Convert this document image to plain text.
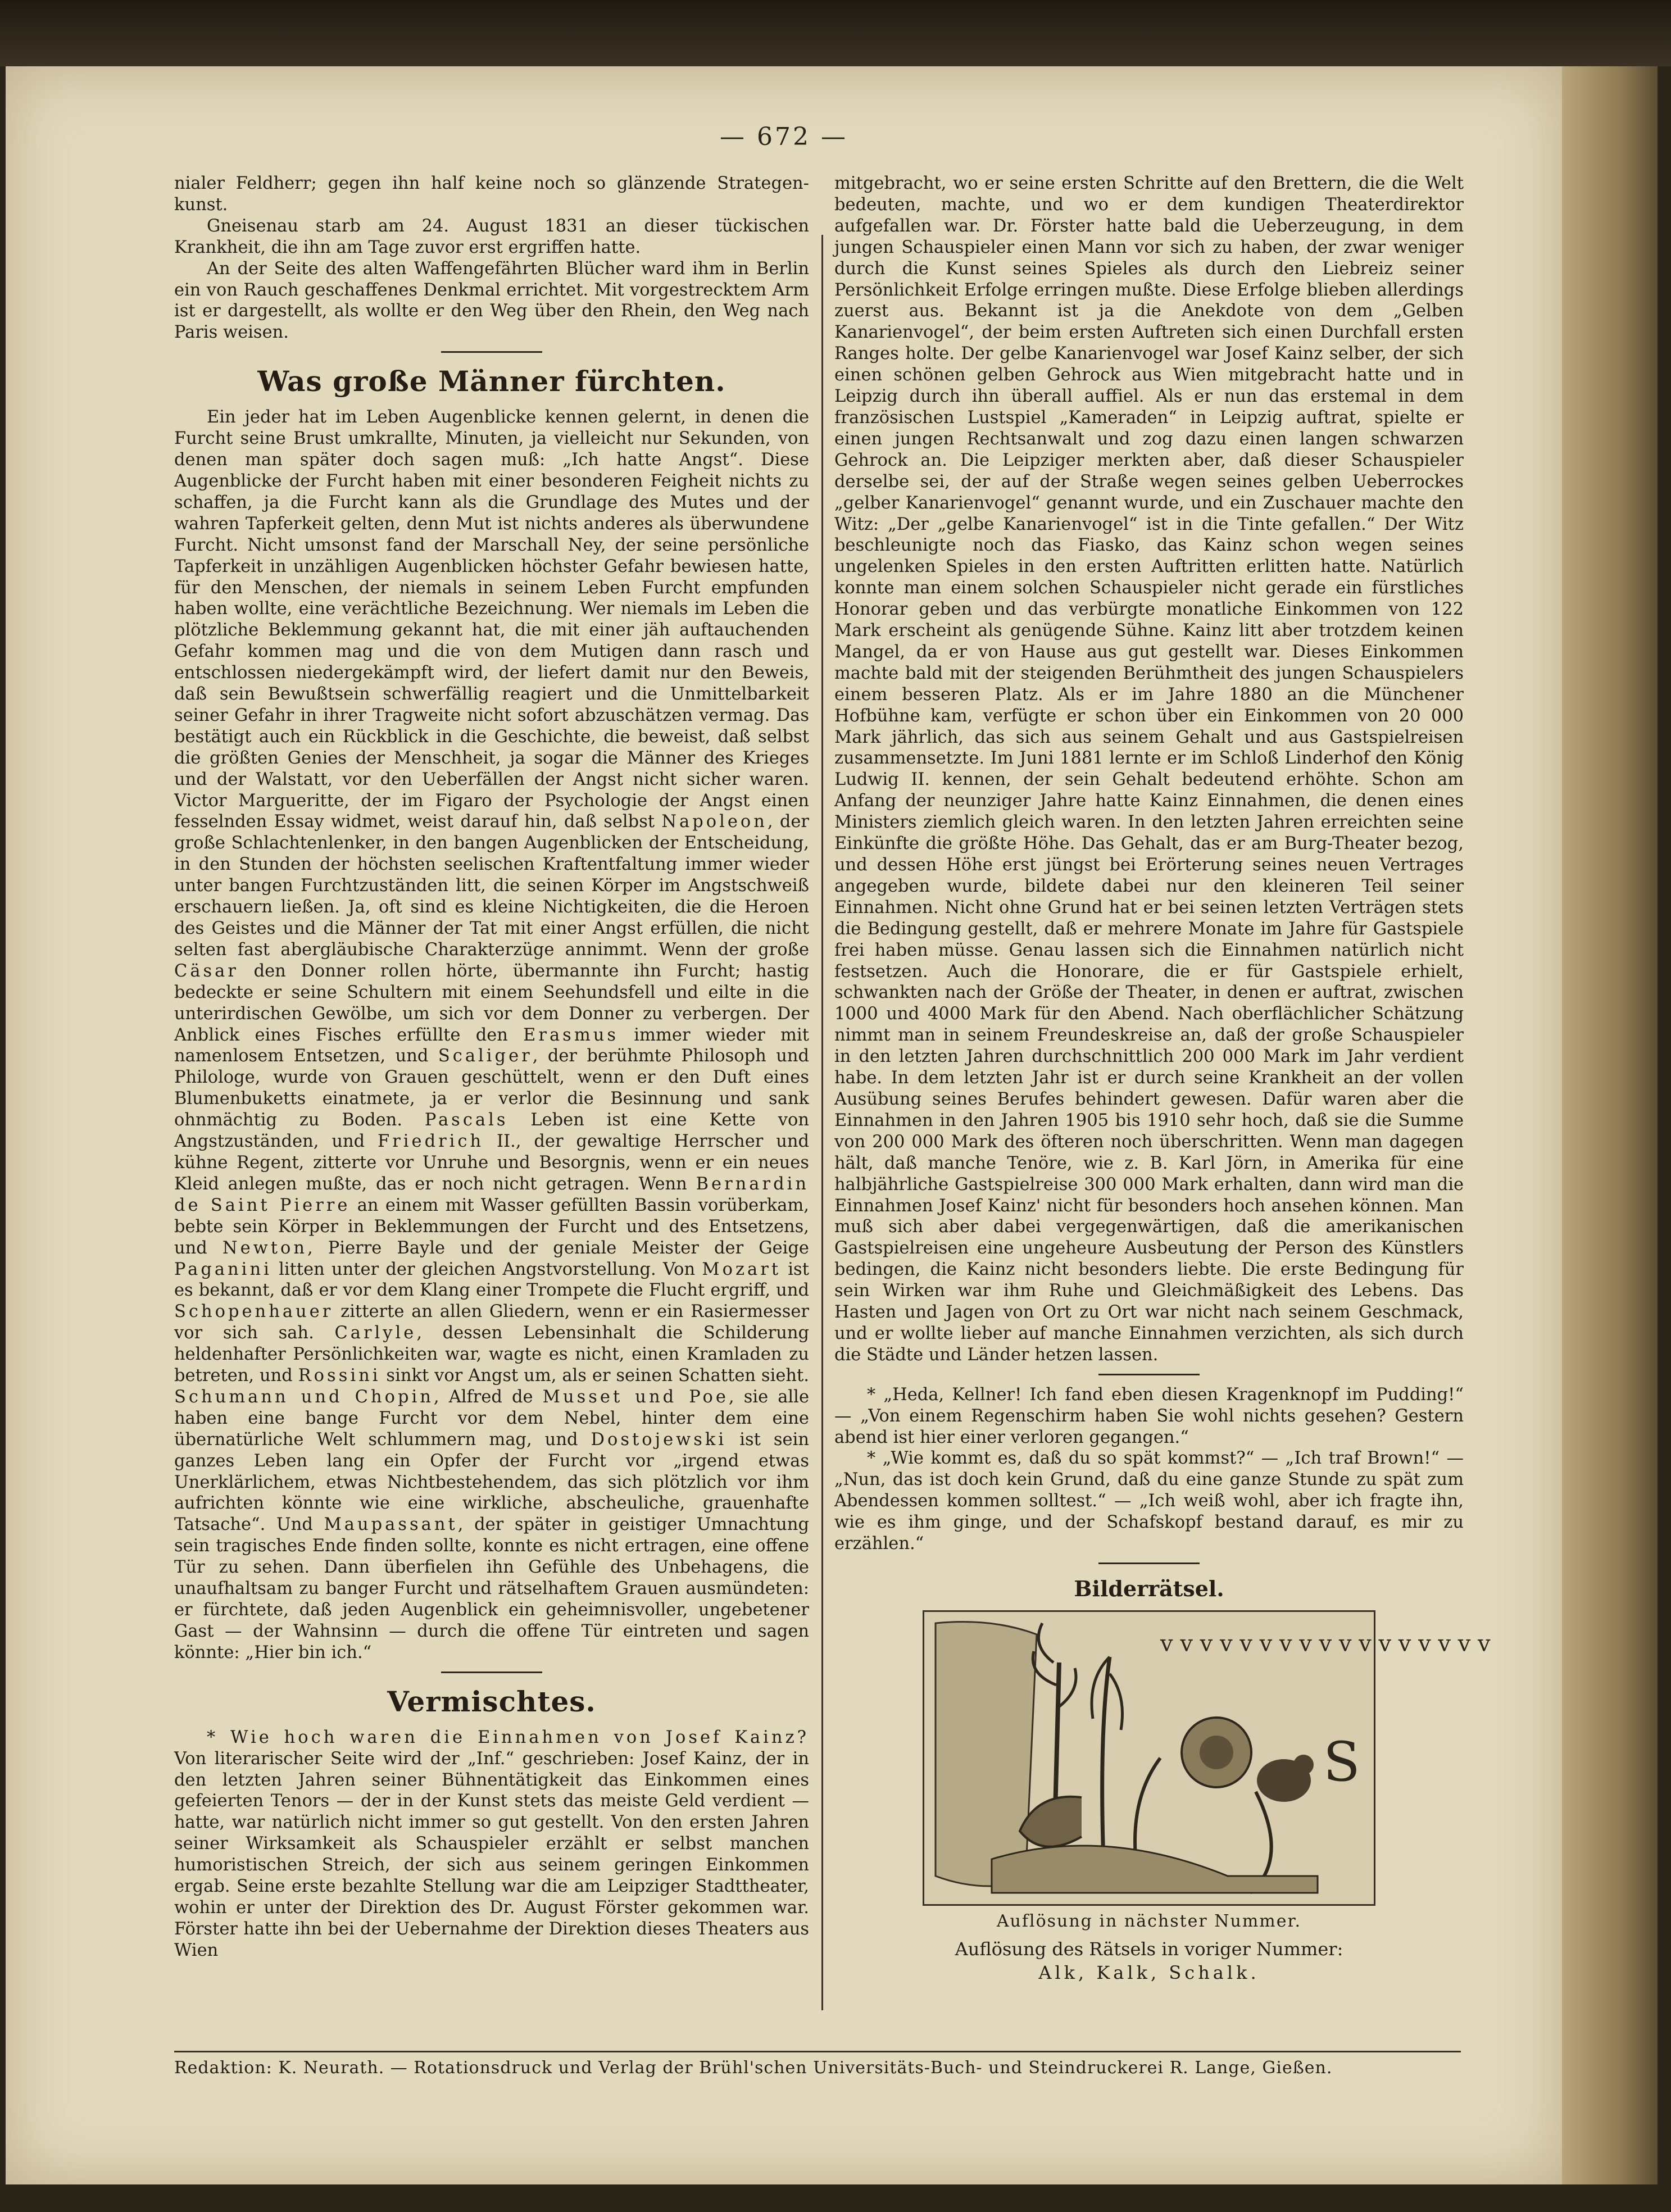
— 672 —

nialer Feldherr; gegen ihn half keine noch so glänzende Strategen-kunst.

Gneisenau starb am 24. August 1831 an dieser tückischen Krankheit, die ihn am Tage zuvor erst ergriffen hatte.

An der Seite des alten Waffengefährten Blücher ward ihm in Berlin ein von Rauch geschaffenes Denkmal errichtet. Mit vorgestrecktem Arm ist er dargestellt, als wollte er den Weg über den Rhein, den Weg nach Paris weisen.

Was große Männer fürchten.

Ein jeder hat im Leben Augenblicke kennen gelernt, in denen die Furcht seine Brust umkrallte, Minuten, ja vielleicht nur Sekunden, von denen man später doch sagen muß: „Ich hatte Angst“. Diese Augenblicke der Furcht haben mit einer besonderen Feigheit nichts zu schaffen, ja die Furcht kann als die Grundlage des Mutes und der wahren Tapferkeit gelten, denn Mut ist nichts anderes als überwundene Furcht. Nicht umsonst fand der Marschall Ney, der seine persönliche Tapferkeit in unzähligen Augenblicken höchster Gefahr bewiesen hatte, für den Menschen, der niemals in seinem Leben Furcht empfunden haben wollte, eine verächtliche Bezeichnung. Wer niemals im Leben die plötzliche Beklemmung gekannt hat, die mit einer jäh auftauchenden Gefahr kommen mag und die von dem Mutigen dann rasch und entschlossen niedergekämpft wird, der liefert damit nur den Beweis, daß sein Bewußtsein schwerfällig reagiert und die Unmittelbarkeit seiner Gefahr in ihrer Tragweite nicht sofort abzuschätzen vermag. Das bestätigt auch ein Rückblick in die Geschichte, die beweist, daß selbst die größten Genies der Menschheit, ja sogar die Männer des Krieges und der Walstatt, vor den Ueberfällen der Angst nicht sicher waren. Victor Margueritte, der im Figaro der Psychologie der Angst einen fesselnden Essay widmet, weist darauf hin, daß selbst Napoleon, der große Schlachtenlenker, in den bangen Augenblicken der Entscheidung, in den Stunden der höchsten seelischen Kraftentfaltung immer wieder unter bangen Furchtzuständen litt, die seinen Körper im Angstschweiß erschauern ließen. Ja, oft sind es kleine Nichtigkeiten, die die Heroen des Geistes und die Männer der Tat mit einer Angst erfüllen, die nicht selten fast abergläubische Charakterzüge annimmt. Wenn der große Cäsar den Donner rollen hörte, übermannte ihn Furcht; hastig bedeckte er seine Schultern mit einem Seehundsfell und eilte in die unterirdischen Gewölbe, um sich vor dem Donner zu verbergen. Der Anblick eines Fisches erfüllte den Erasmus immer wieder mit namenlosem Entsetzen, und Scaliger, der berühmte Philosoph und Philologe, wurde von Grauen geschüttelt, wenn er den Duft eines Blumenbuketts einatmete, ja er verlor die Besinnung und sank ohnmächtig zu Boden. Pascals Leben ist eine Kette von Angstzuständen, und Friedrich II., der gewaltige Herrscher und kühne Regent, zitterte vor Unruhe und Besorgnis, wenn er ein neues Kleid anlegen mußte, das er noch nicht getragen. Wenn Bernardin de Saint Pierre an einem mit Wasser gefüllten Bassin vorüberkam, bebte sein Körper in Beklemmungen der Furcht und des Entsetzens, und Newton, Pierre Bayle und der geniale Meister der Geige Paganini litten unter der gleichen Angstvorstellung. Von Mozart ist es bekannt, daß er vor dem Klang einer Trompete die Flucht ergriff, und Schopenhauer zitterte an allen Gliedern, wenn er ein Rasiermesser vor sich sah. Carlyle, dessen Lebensinhalt die Schilderung heldenhafter Persönlichkeiten war, wagte es nicht, einen Kramladen zu betreten, und Rossini sinkt vor Angst um, als er seinen Schatten sieht. Schumann und Chopin, Alfred de Musset und Poe, sie alle haben eine bange Furcht vor dem Nebel, hinter dem eine übernatürliche Welt schlummern mag, und Dostojewski ist sein ganzes Leben lang ein Opfer der Furcht vor „irgend etwas Unerklärlichem, etwas Nichtbestehendem, das sich plötzlich vor ihm aufrichten könnte wie eine wirkliche, abscheuliche, grauenhafte Tatsache“. Und Maupassant, der später in geistiger Umnachtung sein tragisches Ende finden sollte, konnte es nicht ertragen, eine offene Tür zu sehen. Dann überfielen ihn Gefühle des Unbehagens, die unaufhaltsam zu banger Furcht und rätselhaftem Grauen ausmündeten: er fürchtete, daß jeden Augenblick ein geheimnisvoller, ungebetener Gast — der Wahnsinn — durch die offene Tür eintreten und sagen könnte: „Hier bin ich.“

Vermischtes.

* Wie hoch waren die Einnahmen von Josef Kainz? Von literarischer Seite wird der „Inf.“ geschrieben: Josef Kainz, der in den letzten Jahren seiner Bühnentätigkeit das Einkommen eines gefeierten Tenors — der in der Kunst stets das meiste Geld verdient — hatte, war natürlich nicht immer so gut gestellt. Von den ersten Jahren seiner Wirksamkeit als Schauspieler erzählt er selbst manchen humoristischen Streich, der sich aus seinem geringen Einkommen ergab. Seine erste bezahlte Stellung war die am Leipziger Stadttheater, wohin er unter der Direktion des Dr. August Förster gekommen war. Förster hatte ihn bei der Uebernahme der Direktion dieses Theaters aus Wien

mitgebracht, wo er seine ersten Schritte auf den Brettern, die die Welt bedeuten, machte, und wo er dem kundigen Theaterdirektor aufgefallen war. Dr. Förster hatte bald die Ueberzeugung, in dem jungen Schauspieler einen Mann vor sich zu haben, der zwar weniger durch die Kunst seines Spieles als durch den Liebreiz seiner Persönlichkeit Erfolge erringen mußte. Diese Erfolge blieben allerdings zuerst aus. Bekannt ist ja die Anekdote von dem „Gelben Kanarienvogel“, der beim ersten Auftreten sich einen Durchfall ersten Ranges holte. Der gelbe Kanarienvogel war Josef Kainz selber, der sich einen schönen gelben Gehrock aus Wien mitgebracht hatte und in Leipzig durch ihn überall auffiel. Als er nun das erstemal in dem französischen Lustspiel „Kameraden“ in Leipzig auftrat, spielte er einen jungen Rechtsanwalt und zog dazu einen langen schwarzen Gehrock an. Die Leipziger merkten aber, daß dieser Schauspieler derselbe sei, der auf der Straße wegen seines gelben Ueberrockes „gelber Kanarienvogel“ genannt wurde, und ein Zuschauer machte den Witz: „Der „gelbe Kanarienvogel“ ist in die Tinte gefallen.“ Der Witz beschleunigte noch das Fiasko, das Kainz schon wegen seines ungelenken Spieles in den ersten Auftritten erlitten hatte. Natürlich konnte man einem solchen Schauspieler nicht gerade ein fürstliches Honorar geben und das verbürgte monatliche Einkommen von 122 Mark erscheint als genügende Sühne. Kainz litt aber trotzdem keinen Mangel, da er von Hause aus gut gestellt war. Dieses Einkommen machte bald mit der steigenden Berühmtheit des jungen Schauspielers einem besseren Platz. Als er im Jahre 1880 an die Münchener Hofbühne kam, verfügte er schon über ein Einkommen von 20 000 Mark jährlich, das sich aus seinem Gehalt und aus Gastspielreisen zusammensetzte. Im Juni 1881 lernte er im Schloß Linderhof den König Ludwig II. kennen, der sein Gehalt bedeutend erhöhte. Schon am Anfang der neunziger Jahre hatte Kainz Einnahmen, die denen eines Ministers ziemlich gleich waren. In den letzten Jahren erreichten seine Einkünfte die größte Höhe. Das Gehalt, das er am Burg-Theater bezog, und dessen Höhe erst jüngst bei Erörterung seines neuen Vertrages angegeben wurde, bildete dabei nur den kleineren Teil seiner Einnahmen. Nicht ohne Grund hat er bei seinen letzten Verträgen stets die Bedingung gestellt, daß er mehrere Monate im Jahre für Gastspiele frei haben müsse. Genau lassen sich die Einnahmen natürlich nicht festsetzen. Auch die Honorare, die er für Gastspiele erhielt, schwankten nach der Größe der Theater, in denen er auftrat, zwischen 1000 und 4000 Mark für den Abend. Nach oberflächlicher Schätzung nimmt man in seinem Freundeskreise an, daß der große Schauspieler in den letzten Jahren durchschnittlich 200 000 Mark im Jahr verdient habe. In dem letzten Jahr ist er durch seine Krankheit an der vollen Ausübung seines Berufes behindert gewesen. Dafür waren aber die Einnahmen in den Jahren 1905 bis 1910 sehr hoch, daß sie die Summe von 200 000 Mark des öfteren noch überschritten. Wenn man dagegen hält, daß manche Tenöre, wie z. B. Karl Jörn, in Amerika für eine halbjährliche Gastspielreise 300 000 Mark erhalten, dann wird man die Einnahmen Josef Kainz' nicht für besonders hoch ansehen können. Man muß sich aber dabei vergegenwärtigen, daß die amerikanischen Gastspielreisen eine ungeheure Ausbeutung der Person des Künstlers bedingen, die Kainz nicht besonders liebte. Die erste Bedingung für sein Wirken war ihm Ruhe und Gleichmäßigkeit des Lebens. Das Hasten und Jagen von Ort zu Ort war nicht nach seinem Geschmack, und er wollte lieber auf manche Einnahmen verzichten, als sich durch die Städte und Länder hetzen lassen.

* „Heda, Kellner! Ich fand eben diesen Kragenknopf im Pudding!“ — „Von einem Regenschirm haben Sie wohl nichts gesehen? Gestern abend ist hier einer verloren gegangen.“

* „Wie kommt es, daß du so spät kommst?“ — „Ich traf Brown!“ — „Nun, das ist doch kein Grund, daß du eine ganze Stunde zu spät zum Abendessen kommen solltest.“ — „Ich weiß wohl, aber ich fragte ihn, wie es ihm ginge, und der Schafskopf bestand darauf, es mir zu erzählen.“

Bilderrätsel.
v v v v v v v v v v v v v v v v v
S
Auflösung in nächster Nummer.
Auflösung des Rätsels in voriger Nummer:
Alk, Kalk, Schalk.
Redaktion: K. Neurath. — Rotationsdruck und Verlag der Brühl'schen Universitäts-Buch- und Steindruckerei R. Lange, Gießen.
